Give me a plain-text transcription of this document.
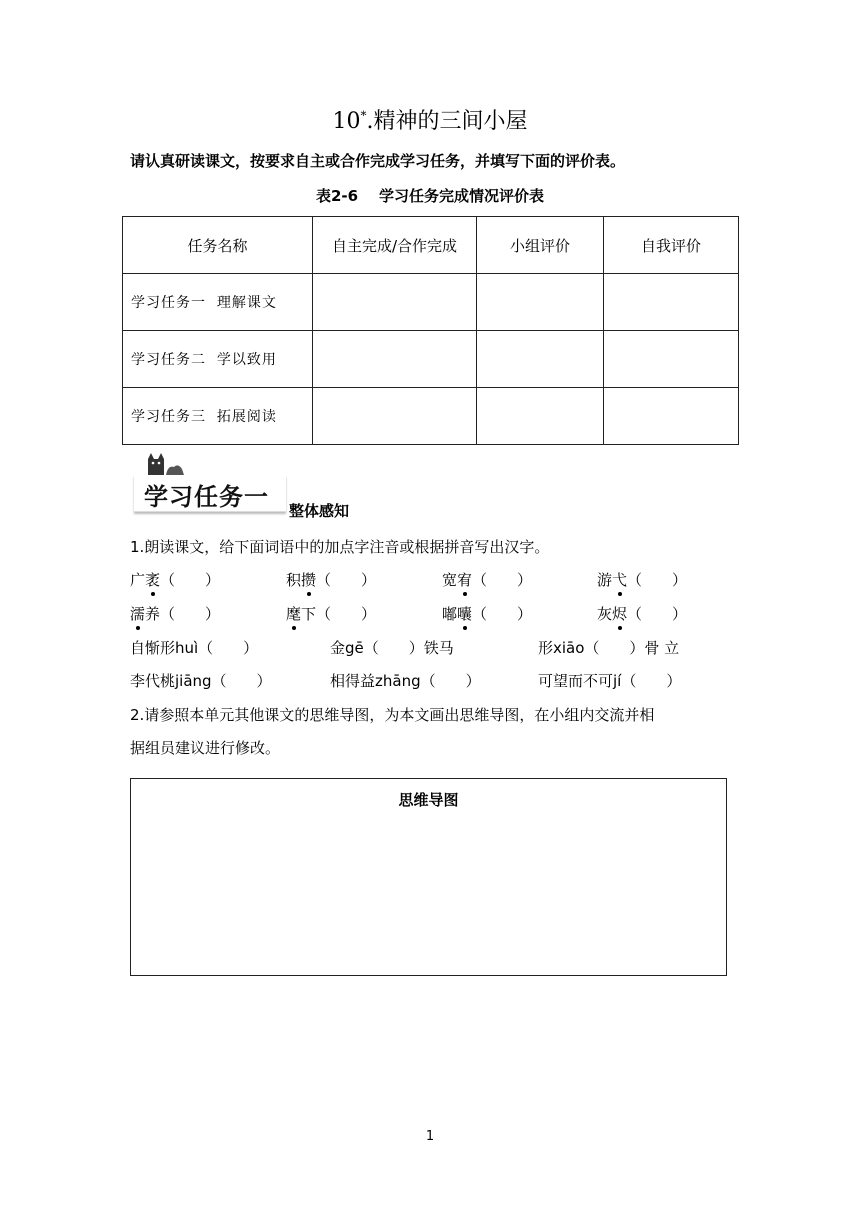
10*.精神的三间小屋
请认真研读课文，按要求自主或合作完成学习任务，并填写下面的评价表。
表2-6    学习任务完成情况评价表
任务名称	自主完成/合作完成	小组评价	自我评价
学习任务一  理解课文			
学习任务二  学以致用			
学习任务三  拓展阅读			
学习任务一 整体感知
1.朗读课文，给下面词语中的加点字注音或根据拼音写出汉字。
广袤（　　）	积攒（　　）	宽宥（　　）	游弋（　　）
濡养（　　）	麾下（　　）	嘟囔（　　）	灰烬（　　）
自惭形huì（　　）	金gē（　　）铁马	形xiāo（　　）骨 立
李代桃jiāng（　　）	相得益zhāng（　　）	可望而不可jí（　　）
2.请参照本单元其他课文的思维导图，为本文画出思维导图，在小组内交流并相
据组员建议进行修改。
思维导图
1
